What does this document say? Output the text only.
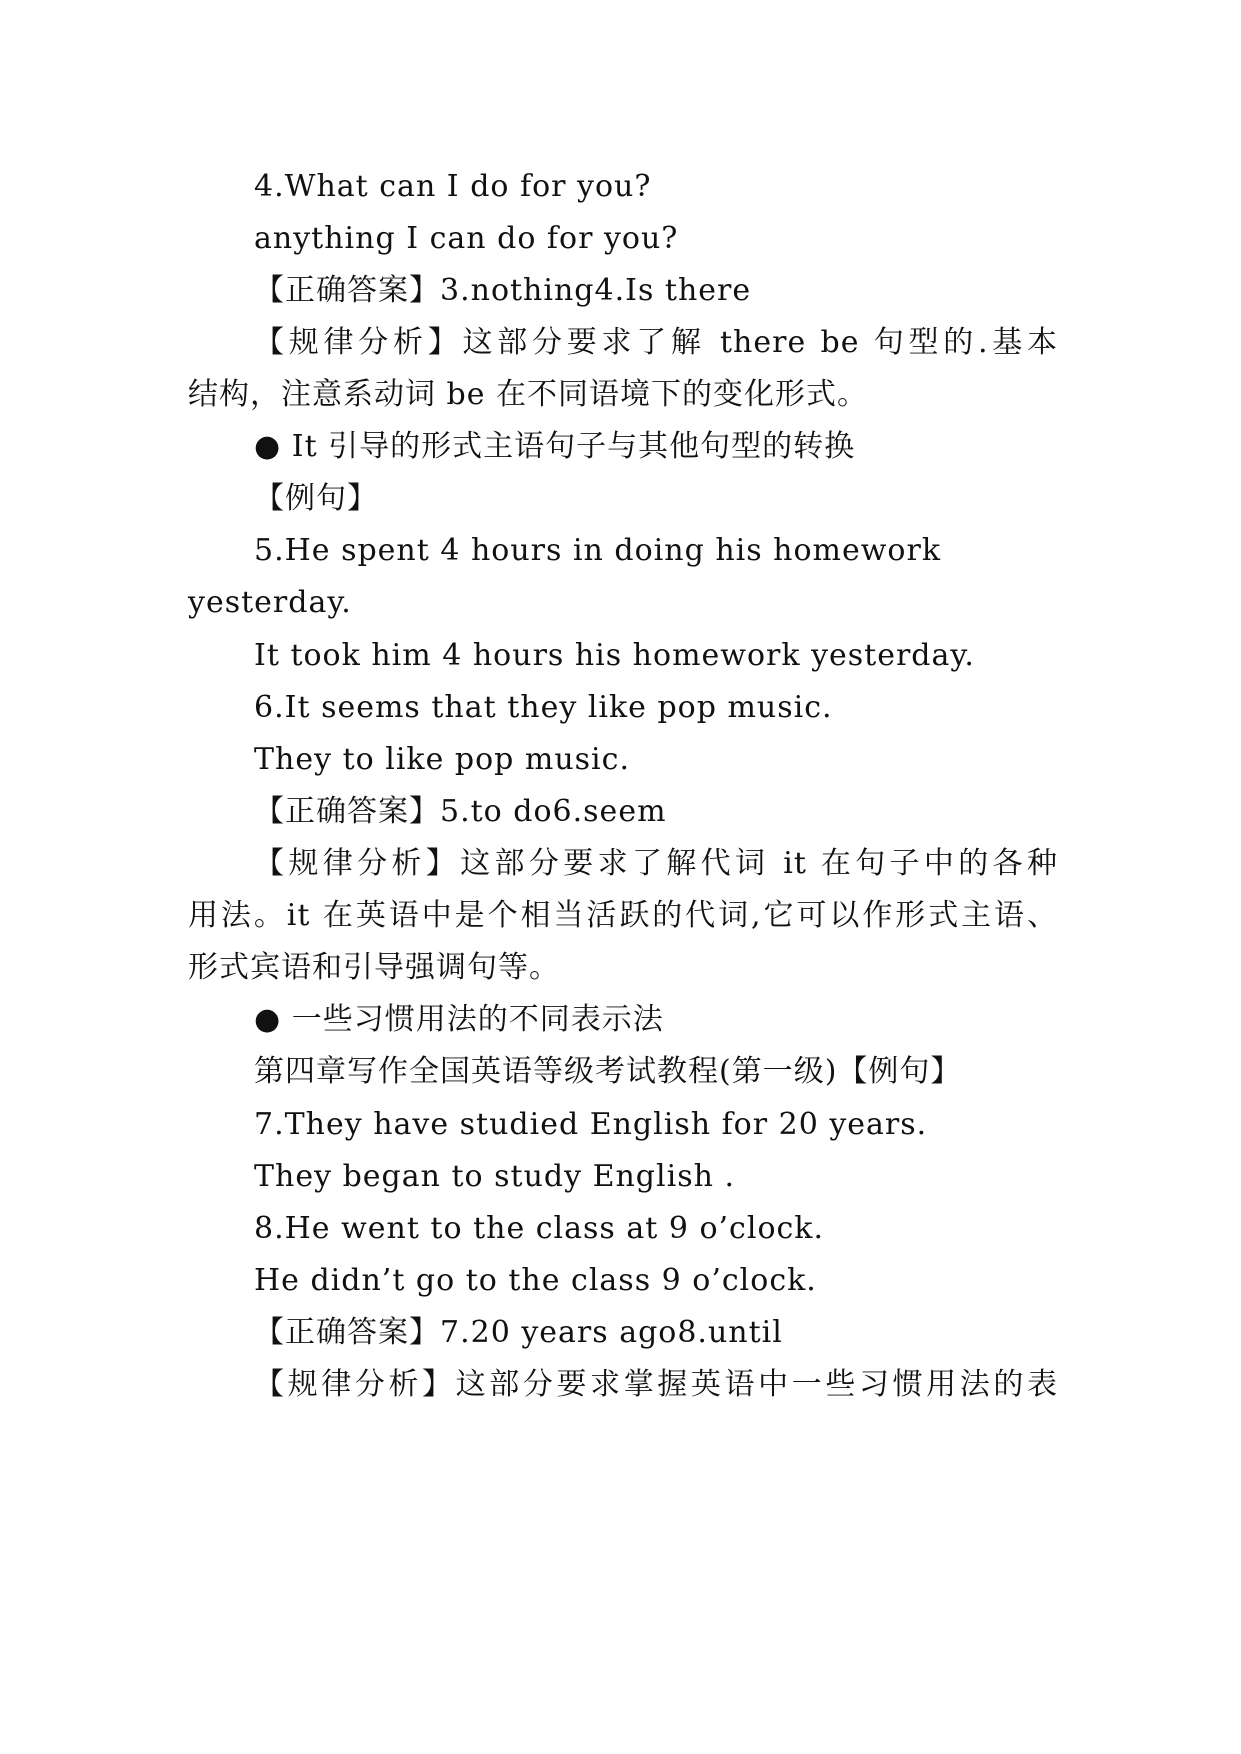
4.What can I do for you?
anything I can do for you?
【正确答案】3.nothing4.Is there
【规律分析】这部分要求了解 there be 句型的.基本
结构，注意系动词 be 在不同语境下的变化形式。
● It 引导的形式主语句子与其他句型的转换
【例句】
5.He spent 4 hours in doing his homework
yesterday.
It took him 4 hours his homework yesterday.
6.It seems that they like pop music.
They to like pop music.
【正确答案】5.to do6.seem
【规律分析】这部分要求了解代词 it 在句子中的各种
用法。it 在英语中是个相当活跃的代词,它可以作形式主语、
形式宾语和引导强调句等。
● 一些习惯用法的不同表示法
第四章写作全国英语等级考试教程(第一级)【例句】
7.They have studied English for 20 years.
They began to study English .
8.He went to the class at 9 o’clock.
He didn’t go to the class 9 o’clock.
【正确答案】7.20 years ago8.until
【规律分析】这部分要求掌握英语中一些习惯用法的表
